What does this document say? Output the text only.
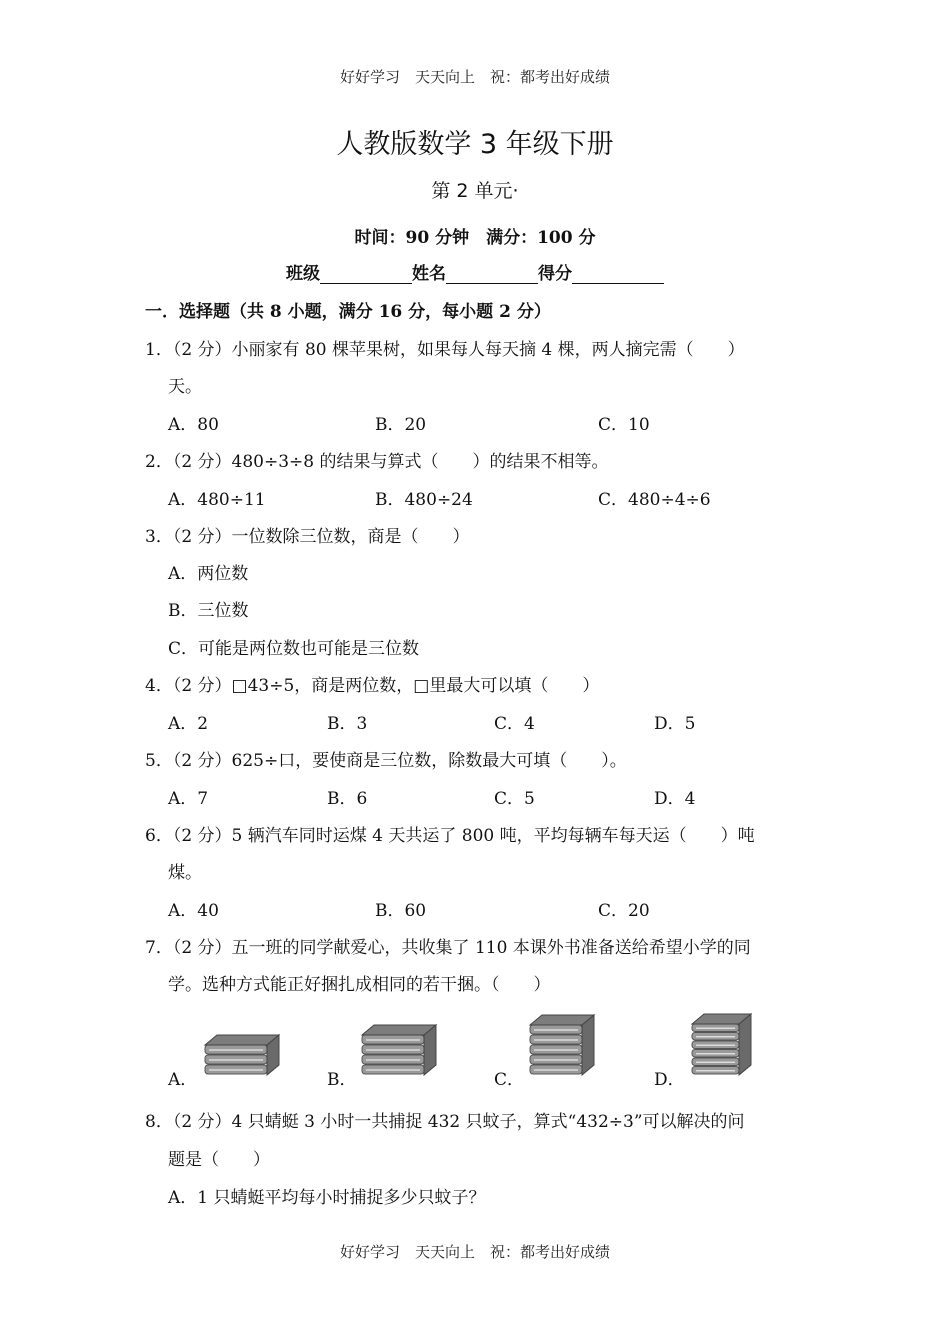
好好学习　天天向上　祝：都考出好成绩
人教版数学 3 年级下册
第 2 单元·
时间：90 分钟　满分：100 分
班级	姓名	得分
一．选择题（共 8 小题，满分 16 分，每小题 2 分）
1．（2 分）小丽家有 80 棵苹果树，如果每人每天摘 4 棵，两人摘完需（　　）
天。
A．80	B．20	C．10
2．（2 分）480÷3÷8 的结果与算式（　　）的结果不相等。
A．480÷11	B．480÷24	C．480÷4÷6
3．（2 分）一位数除三位数，商是（　　）
A．两位数
B．三位数
C．可能是两位数也可能是三位数
4．（2 分）□43÷5，商是两位数，□里最大可以填（　　）
A．2	B．3	C．4	D．5
5．（2 分）625÷口，要使商是三位数，除数最大可填（　　）。
A．7	B．6	C．5	D．4
6．（2 分）5 辆汽车同时运煤 4 天共运了 800 吨，平均每辆车每天运（　　）吨
煤。
A．40	B．60	C．20
7．（2 分）五一班的同学献爱心，共收集了 110 本课外书准备送给希望小学的同
学。选种方式能正好捆扎成相同的若干捆。（　　）
A．	B．	C．	D．
8．（2 分）4 只蜻蜓 3 小时一共捕捉 432 只蚊子，算式“432÷3”可以解决的问
题是（　　）
A．1 只蜻蜓平均每小时捕捉多少只蚊子？
好好学习　天天向上　祝：都考出好成绩
